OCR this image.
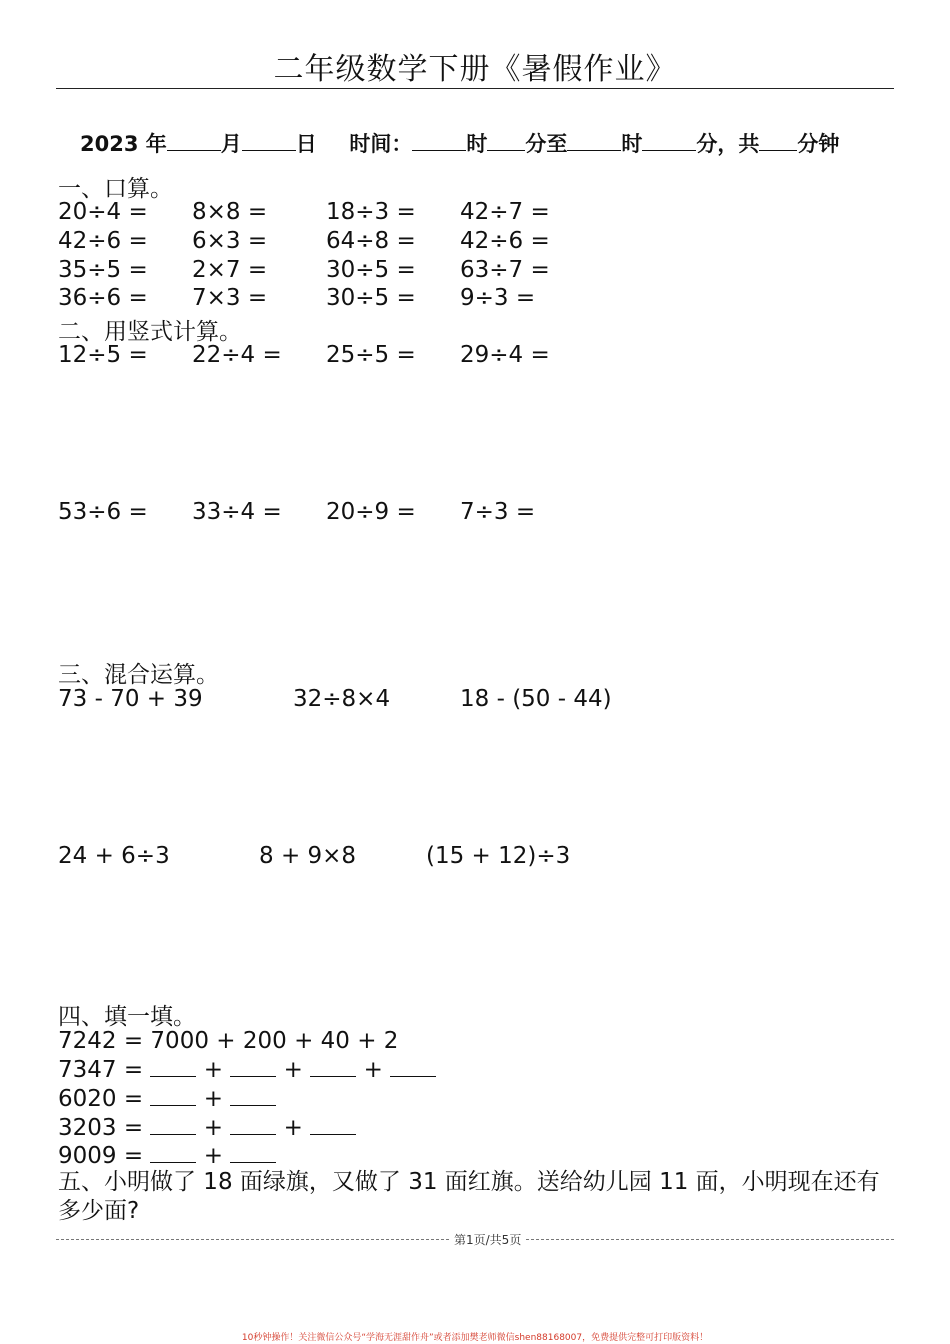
二年级数学下册《暑假作业》
2023 年	月	日 时间：	时 分至	时	分，共 分钟
一、口算。
20÷4 = 8×8 =	18÷3 = 42÷7 =
42÷6 = 6×3 =	64÷8 = 42÷6 =
35÷5 = 2×7 =	30÷5 = 63÷7 =
36÷6 = 7×3 =	30÷5 = 9÷3 =
二、用竖式计算。
12÷5 = 22÷4 = 25÷5 = 29÷4 =
53÷6 = 33÷4 = 20÷9 = 7÷3 =
三、混合运算。
73 - 70 + 39	32÷8×4	18 - (50 - 44)
24 + 6÷3	8 + 9×8	(15 + 12)÷3
四、填一填。
7242 = 7000 + 200 + 40 + 2
7347 =	+	+	+
6020 =	+
3203 =	+	+
9009 =	+
五、小明做了 18 面绿旗，又做了 31 面红旗。送给幼儿园 11 面，小明现在还有多少面?
第1页/共5页
10秒钟操作！关注微信公众号“学海无涯甜作舟”或者添加樊老师微信shen88168007，免费提供完整可打印版资料！
